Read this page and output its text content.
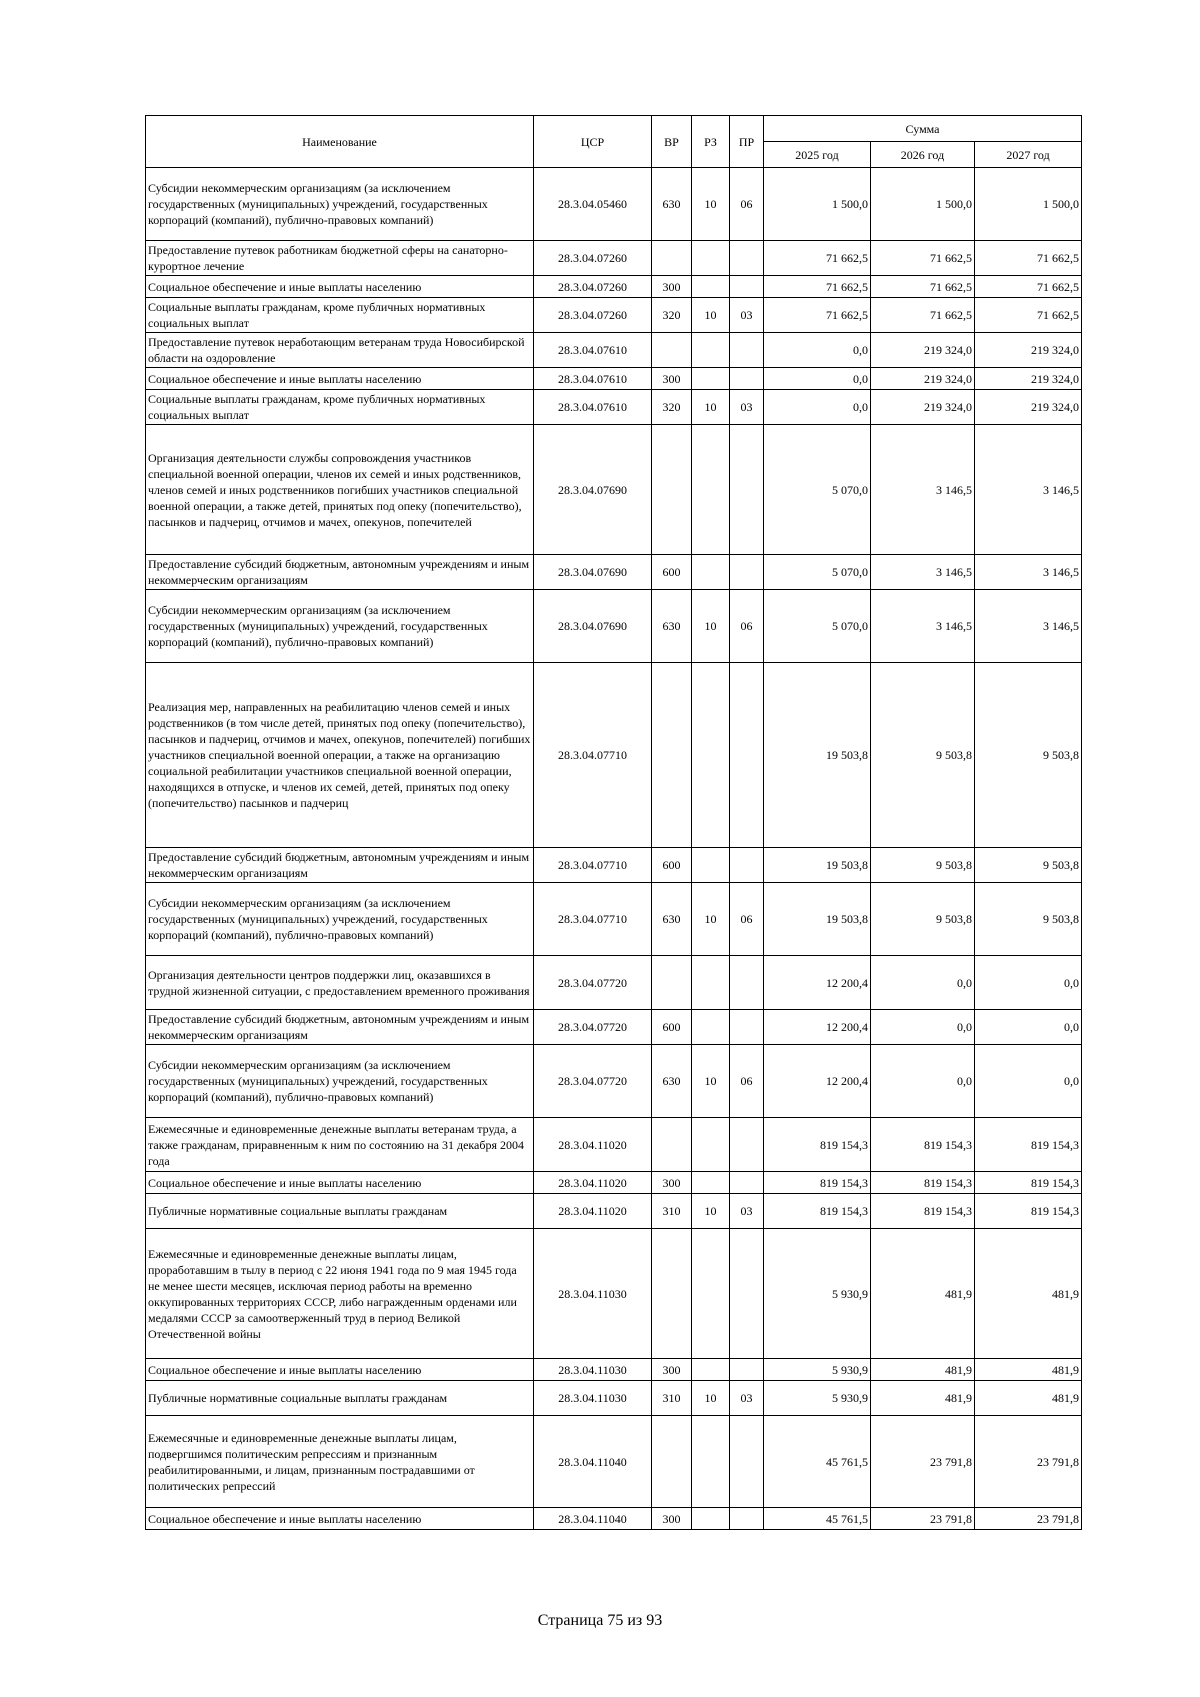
Наименование	ЦСР	ВР	РЗ	ПР	Сумма		
					2025 год	2026 год	2027 год
Субсидии некоммерческим организациям (за исключением государственных (муниципальных) учреждений, государственных корпораций (компаний), публично-правовых компаний)	28.3.04.05460	630	10	06	1 500,0	1 500,0	1 500,0
Предоставление путевок работникам бюджетной сферы на санаторно-курортное лечение	28.3.04.07260				71 662,5	71 662,5	71 662,5
Социальное обеспечение и иные выплаты населению	28.3.04.07260	300			71 662,5	71 662,5	71 662,5
Социальные выплаты гражданам, кроме публичных нормативных социальных выплат	28.3.04.07260	320	10	03	71 662,5	71 662,5	71 662,5
Предоставление путевок неработающим ветеранам труда Новосибирской области на оздоровление	28.3.04.07610				0,0	219 324,0	219 324,0
Социальное обеспечение и иные выплаты населению	28.3.04.07610	300			0,0	219 324,0	219 324,0
Социальные выплаты гражданам, кроме публичных нормативных социальных выплат	28.3.04.07610	320	10	03	0,0	219 324,0	219 324,0
Организация деятельности службы сопровождения участников специальной военной операции, членов их семей и иных родственников, членов семей и иных родственников погибших участников специальной военной операции, а также детей, принятых под опеку (попечительство), пасынков и падчериц, отчимов и мачех, опекунов, попечителей	28.3.04.07690				5 070,0	3 146,5	3 146,5
Предоставление субсидий бюджетным, автономным учреждениям и иным некоммерческим организациям	28.3.04.07690	600			5 070,0	3 146,5	3 146,5
Субсидии некоммерческим организациям (за исключением государственных (муниципальных) учреждений, государственных корпораций (компаний), публично-правовых компаний)	28.3.04.07690	630	10	06	5 070,0	3 146,5	3 146,5
Реализация мер, направленных на реабилитацию членов семей и иных родственников (в том числе детей, принятых под опеку (попечительство), пасынков и падчериц, отчимов и мачех, опекунов, попечителей) погибших участников специальной военной операции, а также на организацию социальной реабилитации участников специальной военной операции, находящихся в отпуске, и членов их семей, детей, принятых под опеку (попечительство) пасынков и падчериц	28.3.04.07710				19 503,8	9 503,8	9 503,8
Предоставление субсидий бюджетным, автономным учреждениям и иным некоммерческим организациям	28.3.04.07710	600			19 503,8	9 503,8	9 503,8
Субсидии некоммерческим организациям (за исключением государственных (муниципальных) учреждений, государственных корпораций (компаний), публично-правовых компаний)	28.3.04.07710	630	10	06	19 503,8	9 503,8	9 503,8
Организация деятельности центров поддержки лиц, оказавшихся в трудной жизненной ситуации, с предоставлением временного проживания	28.3.04.07720				12 200,4	0,0	0,0
Предоставление субсидий бюджетным, автономным учреждениям и иным некоммерческим организациям	28.3.04.07720	600			12 200,4	0,0	0,0
Субсидии некоммерческим организациям (за исключением государственных (муниципальных) учреждений, государственных корпораций (компаний), публично-правовых компаний)	28.3.04.07720	630	10	06	12 200,4	0,0	0,0
Ежемесячные и единовременные денежные выплаты ветеранам труда, а также гражданам, приравненным к ним по состоянию на 31 декабря 2004 года	28.3.04.11020				819 154,3	819 154,3	819 154,3
Социальное обеспечение и иные выплаты населению	28.3.04.11020	300			819 154,3	819 154,3	819 154,3
Публичные нормативные социальные выплаты гражданам	28.3.04.11020	310	10	03	819 154,3	819 154,3	819 154,3
Ежемесячные и единовременные денежные выплаты лицам, проработавшим в тылу в период с 22 июня 1941 года по 9 мая 1945 года не менее шести месяцев, исключая период работы на временно оккупированных территориях СССР, либо награжденным орденами или медалями СССР за самоотверженный труд в период Великой Отечественной войны	28.3.04.11030				5 930,9	481,9	481,9
Социальное обеспечение и иные выплаты населению	28.3.04.11030	300			5 930,9	481,9	481,9
Публичные нормативные социальные выплаты гражданам	28.3.04.11030	310	10	03	5 930,9	481,9	481,9
Ежемесячные и единовременные денежные выплаты лицам, подвергшимся политическим репрессиям и признанным реабилитированными, и лицам, признанным пострадавшими от политических репрессий	28.3.04.11040				45 761,5	23 791,8	23 791,8
Социальное обеспечение и иные выплаты населению	28.3.04.11040	300			45 761,5	23 791,8	23 791,8
Страница 75 из 93
